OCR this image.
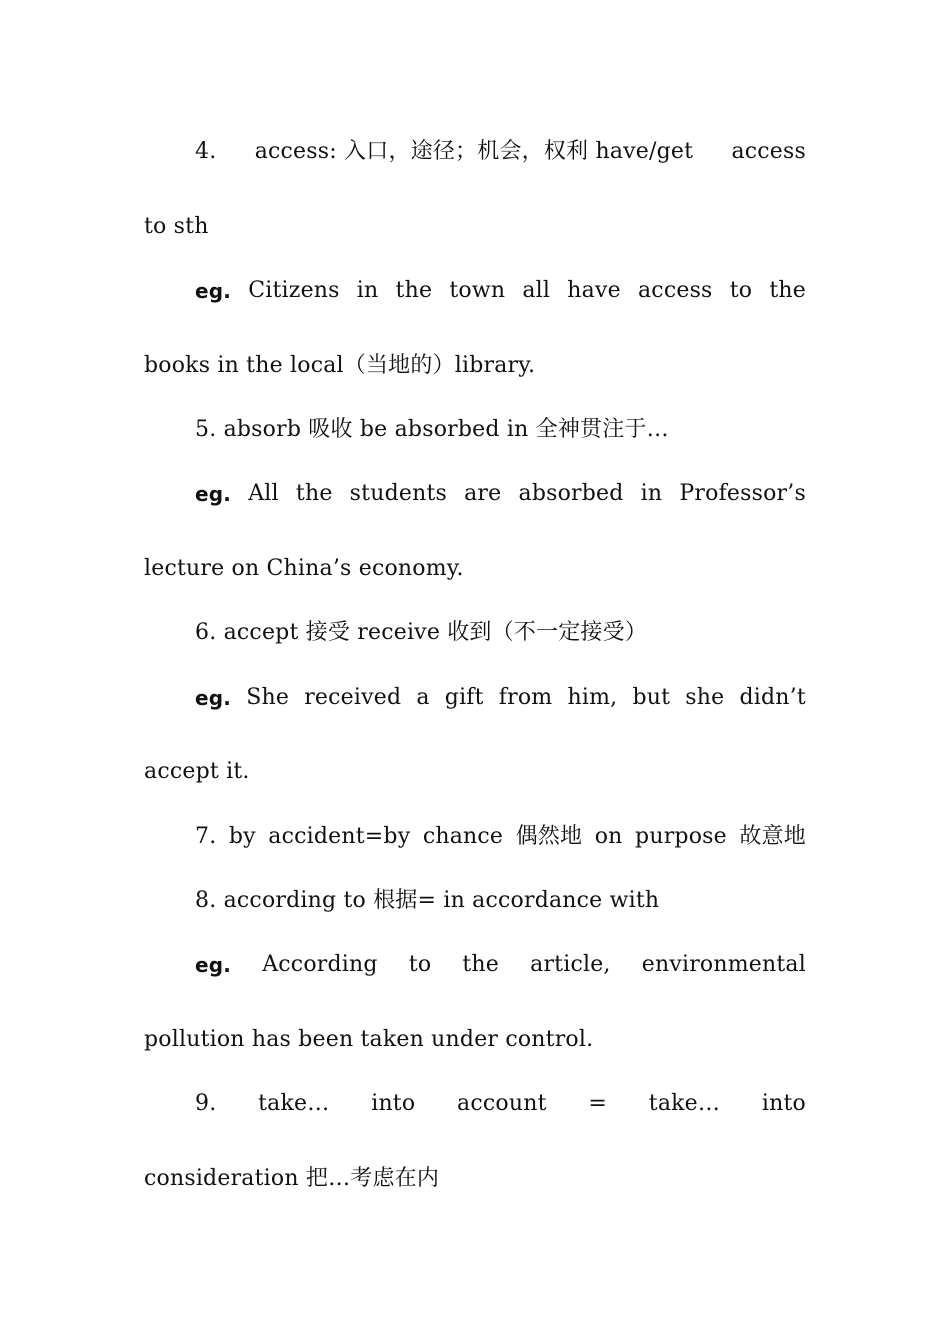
4. access: 入口，途径；机会，权利 have/get access
to sth
eg. Citizens in the town all have access to the
books in the local（当地的）library.
5. absorb 吸收 be absorbed in 全神贯注于…
eg. All the students are absorbed in Professor’s
lecture on China’s economy.
6. accept 接受 receive 收到（不一定接受）
eg. She received a gift from him, but she didn’t
accept it.
7. by accident=by chance 偶然地 on purpose 故意地
8. according to 根据= in accordance with
eg. According to the article, environmental
pollution has been taken under control.
9. take… into account = take… into
consideration 把…考虑在内
